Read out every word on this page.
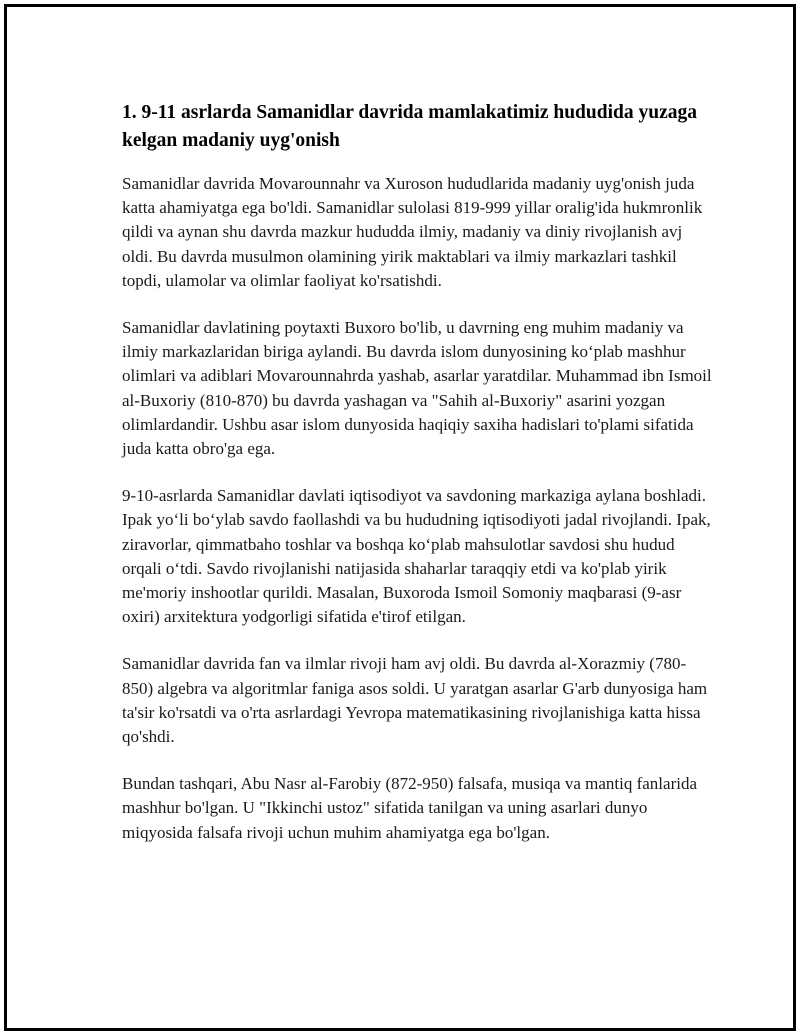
1. 9-11 asrlarda Samanidlar davrida mamlakatimiz hududida yuzaga kelgan madaniy uyg'onish

Samanidlar davrida Movarounnahr va Xuroson hududlarida madaniy uyg'onish juda katta ahamiyatga ega bo'ldi. Samanidlar sulolasi 819-999 yillar oralig'ida hukmronlik qildi va aynan shu davrda mazkur hududda ilmiy, madaniy va diniy rivojlanish avj oldi. Bu davrda musulmon olamining yirik maktablari va ilmiy markazlari tashkil topdi, ulamolar va olimlar faoliyat ko'rsatishdi.

Samanidlar davlatining poytaxti Buxoro bo'lib, u davrning eng muhim madaniy va ilmiy markazlaridan biriga aylandi. Bu davrda islom dunyosining ko‘plab mashhur olimlari va adiblari Movarounnahrda yashab, asarlar yaratdilar. Muhammad ibn Ismoil al-Buxoriy (810-870) bu davrda yashagan va "Sahih al-Buxoriy" asarini yozgan olimlardandir. Ushbu asar islom dunyosida haqiqiy saxiha hadislari to'plami sifatida juda katta obro'ga ega.

9-10-asrlarda Samanidlar davlati iqtisodiyot va savdoning markaziga aylana boshladi. Ipak yo‘li bo‘ylab savdo faollashdi va bu hududning iqtisodiyoti jadal rivojlandi. Ipak, ziravorlar, qimmatbaho toshlar va boshqa ko‘plab mahsulotlar savdosi shu hudud orqali o‘tdi. Savdo rivojlanishi natijasida shaharlar taraqqiy etdi va ko'plab yirik me'moriy inshootlar qurildi. Masalan, Buxoroda Ismoil Somoniy maqbarasi (9-asr oxiri) arxitektura yodgorligi sifatida e'tirof etilgan.

Samanidlar davrida fan va ilmlar rivoji ham avj oldi. Bu davrda al-Xorazmiy (780-850) algebra va algoritmlar faniga asos soldi. U yaratgan asarlar G'arb dunyosiga ham ta'sir ko'rsatdi va o'rta asrlardagi Yevropa matematikasining rivojlanishiga katta hissa qo'shdi.

Bundan tashqari, Abu Nasr al-Farobiy (872-950) falsafa, musiqa va mantiq fanlarida mashhur bo'lgan. U "Ikkinchi ustoz" sifatida tanilgan va uning asarlari dunyo miqyosida falsafa rivoji uchun muhim ahamiyatga ega bo'lgan.
